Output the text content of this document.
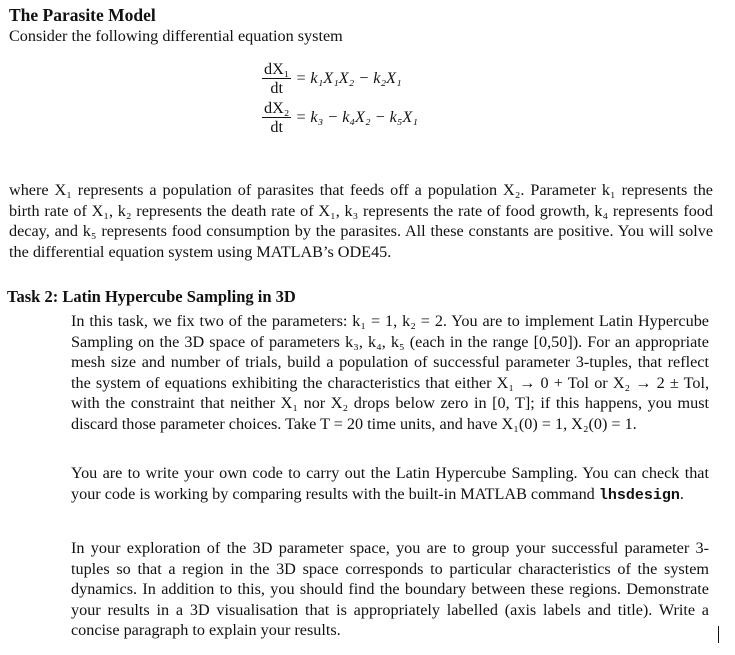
The Parasite Model
Consider the following differential equation system
$\frac{\text{dX₁}}{dt} = k_1X_1X_2 - k_2X_1$
$\frac{\text{dX₂}}{dt} = k_3 - k_4X_2 - k_5X_1$

where X₁ represents a population of parasites that feeds off a population X₂. Parameter k₁ represents the birth rate of X₁, k₂ represents the death rate of X₁, k₃ represents the rate of food growth, k₄ represents food decay, and k₅ represents food consumption by the parasites. All these constants are positive. You will solve the differential equation system using MATLAB’s ODE45.

Task 2: Latin Hypercube Sampling in 3D

In this task, we fix two of the parameters: k₁ = 1, k₂ = 2. You are to implement Latin Hypercube Sampling on the 3D space of parameters k₃, k₄, k₅ (each in the range [0,50]). For an appropriate mesh size and number of trials, build a population of successful parameter 3-tuples, that reflect the system of equations exhibiting the characteristics that either X₁ → 0 + Tol or X₂ → 2 ± Tol, with the constraint that neither X₁ nor X₂ drops below zero in [0, T]; if this happens, you must discard those parameter choices. Take T = 20 time units, and have X₁(0) = 1, X₂(0) = 1.

You are to write your own code to carry out the Latin Hypercube Sampling. You can check that your code is working by comparing results with the built-in MATLAB command lhsdesign.

In your exploration of the 3D parameter space, you are to group your successful parameter 3-tuples so that a region in the 3D space corresponds to particular characteristics of the system dynamics. In addition to this, you should find the boundary between these regions. Demonstrate your results in a 3D visualisation that is appropriately labelled (axis labels and title). Write a concise paragraph to explain your results.
